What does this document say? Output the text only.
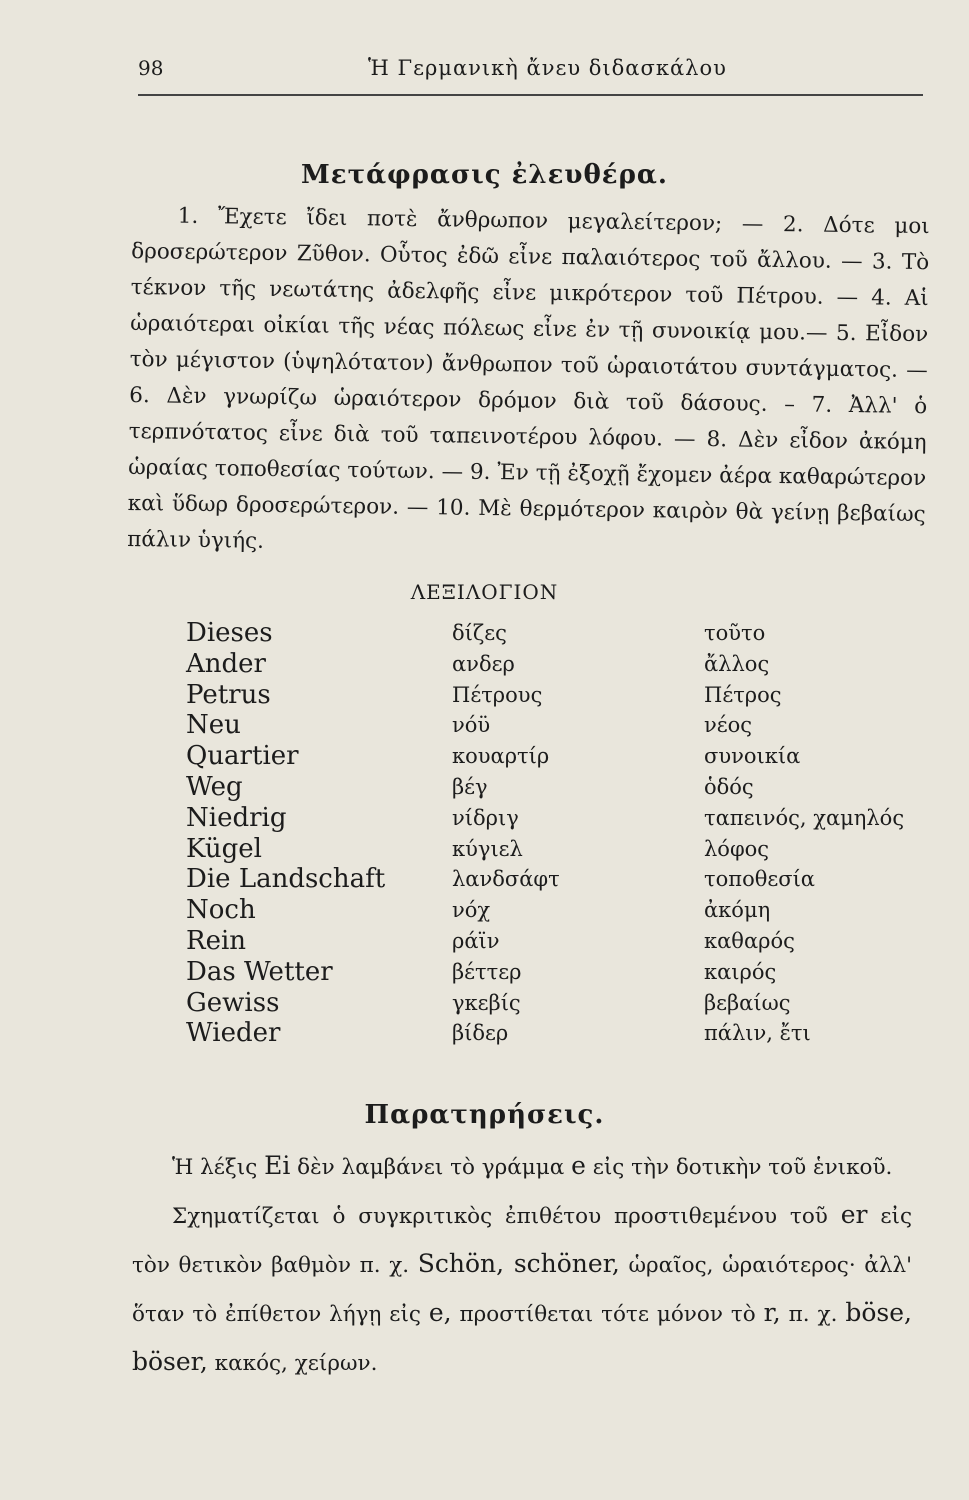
98	Ἡ Γερμανικὴ ἄνευ διδασκάλου
Μετάφρασις ἐλευθέρα.

1. Ἔχετε ἴδει ποτὲ ἄνθρωπον μεγαλείτερον; — 2. Δότε μοι δροσερώτερον Ζῦθον. Οὗτος ἐδῶ εἶνε παλαιότερος τοῦ ἄλλου. — 3. Τὸ τέκνον τῆς νεωτάτης ἀδελφῆς εἶνε μικρότερον τοῦ Πέτρου. — 4. Αἱ ὡραιότεραι οἰκίαι τῆς νέας πόλεως εἶνε ἐν τῇ συνοικίᾳ μου.— 5. Εἶδον τὸν μέγιστον (ὑψηλότατον) ἄνθρωπον τοῦ ὡραιοτάτου συντάγματος. — 6. Δὲν γνωρίζω ὡραιότερον δρόμον διὰ τοῦ δάσους. – 7. Ἀλλ' ὁ τερπνότατος εἶνε διὰ τοῦ ταπεινοτέρου λόφου. — 8. Δὲν εἶδον ἀκόμη ὡραίας τοποθεσίας τούτων. — 9. Ἐν τῇ ἐξοχῇ ἔχομεν ἀέρα καθαρώτερον καὶ ὕδωρ δροσερώτερον. — 10. Μὲ θερμότερον καιρὸν θὰ γείνῃ βεβαίως πάλιν ὑγιής.

ΛΕΞΙΛΟΓΙΟΝ
Dieses	δίζες	τοῦτο
Ander	ανδερ	ἄλλος
Petrus	Πέτρους	Πέτρος
Neu	νόϋ	νέος
Quartier	κουαρτίρ	συνοικία
Weg	βέγ	ὁδός
Niedrig	νίδριγ	ταπεινός, χαμηλός
Kügel	κύγιελ	λόφος
Die Landschaft	λανδσάφτ	τοποθεσία
Noch	νόχ	ἀκόμη
Rein	ράϊν	καθαρός
Das Wetter	βέττερ	καιρός
Gewiss	γκεβίς	βεβαίως
Wieder	βίδερ	πάλιν, ἔτι
Παρατηρήσεις.

Ἡ λέξις Ei δὲν λαμβάνει τὸ γράμμα e εἰς τὴν δοτικὴν τοῦ ἑνικοῦ.

Σχηματίζεται ὁ συγκριτικὸς ἐπιθέτου προστιθεμένου τοῦ er εἰς τὸν θετικὸν βαθμὸν π. χ. Schön, schöner, ὡραῖος, ὡραιότερος· ἀλλ' ὅταν τὸ ἐπίθετον λήγῃ εἰς e, προστίθεται τότε μόνον τὸ r, π. χ. böse, böser, κακός, χείρων.
